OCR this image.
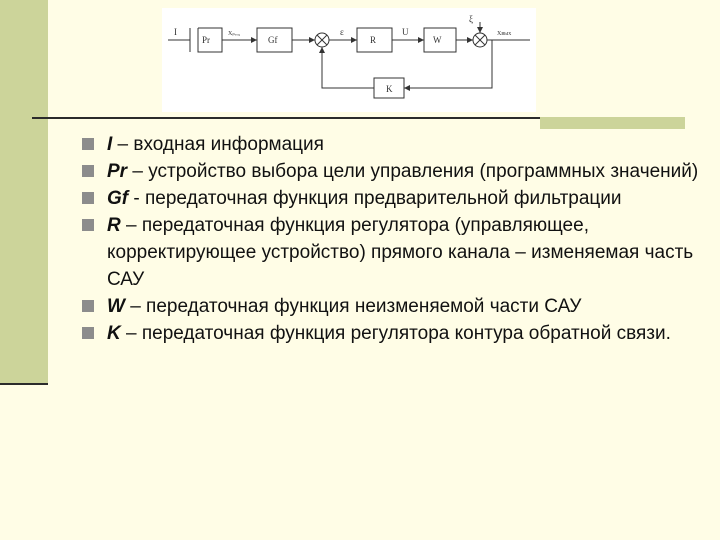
I
Pr
Xₚᵣₒ₉
Gf
ε
R
U
W
ξ
Xвых
K
I – входная информация
Pr – устройство выбора цели управления (программных значений)
Gf - передаточная функция предварительной фильтрации
R – передаточная функция регулятора (управляющее, корректирующее устройство) прямого канала – изменяемая часть САУ
W – передаточная функция неизменяемой части САУ
K – передаточная функция регулятора контура обратной связи.
